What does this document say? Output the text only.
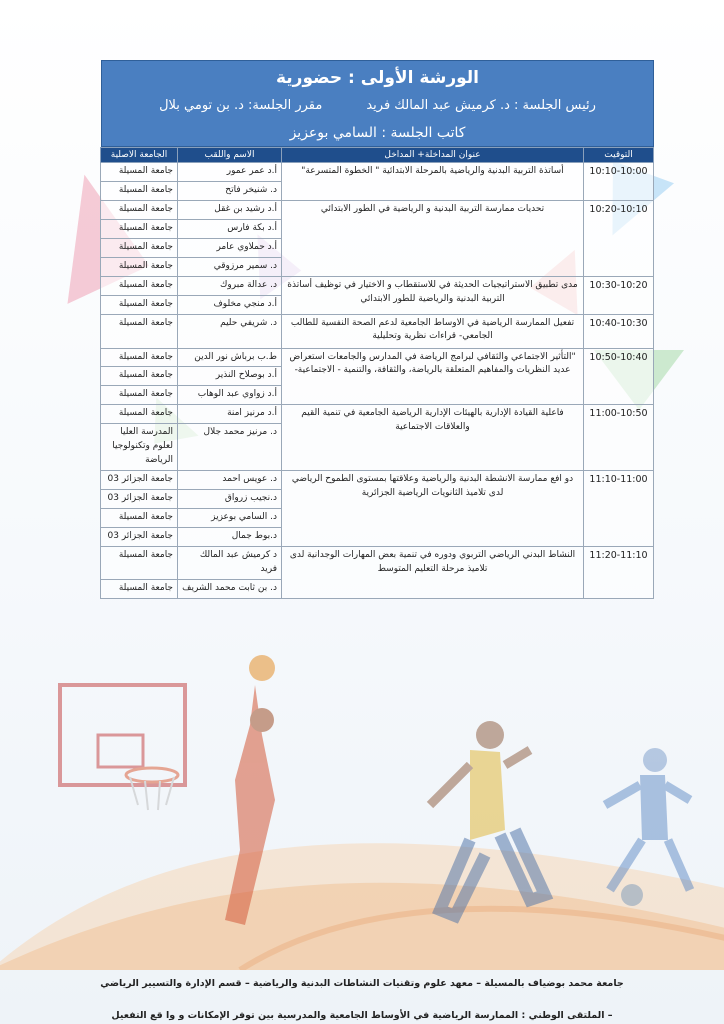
الورشة الأولى : حضورية
رئيس الجلسة : د. كرميش عبد المالك فريدمقرر الجلسة: د. بن تومي بلال
كاتب الجلسة : السامي بوعزيز
التوقيت	عنوان المداخلة+ المداخل	الاسم واللقب	الجامعة الاصلية
10:10-10:00	أساتذة التربية البدنية والرياضية بالمرحلة الابتدائية " الخطوة المتسرعة"	أ.د عمر عمور	جامعة المسيلة
		د. شنيخر فاتح	جامعة المسيلة
10:20-10:10	تحديات ممارسة التربية البدنية و الرياضية في الطور الابتدائي	أ.د رشيد بن غقل	جامعة المسيلة
		أ.د بكة فارس	جامعة المسيلة
		أ.د حملاوي عامر	جامعة المسيلة
		د. سمير مرزوقي	جامعة المسيلة
10:30-10:20	مدى تطبيق الاستراتيجيات الحديثة في للاستقطاب و الاختيار في توظيف أساتذة التربية البدنية والرياضية للطور الابتدائي	د. عدالة مبروك	جامعة المسيلة
		أ.د منجي مخلوف	جامعة المسيلة
10:40-10:30	تفعيل الممارسة الرياضية في الاوساط الجامعية لدعم الصحة النفسية للطالب الجامعي- قراءات نظرية وتحليلية	د. شريفي حليم	جامعة المسيلة
10:50-10:40	"التأثير الاجتماعي والثقافي لبرامج الرياضة في المدارس والجامعات استعراض عديد النظريات والمفاهيم المتعلقة بالرياضة، والثقافة، والتنمية - الاجتماعية-	ط.ب برباش نور الدين	جامعة المسيلة
		أ.د بوصلاح النذير	جامعة المسيلة
		أ.د زواوي عبد الوهاب	جامعة المسيلة
11:00-10:50	فاعلية القيادة الإدارية بالهيئات الإدارية الرياضية الجامعية في تنمية القيم والعلاقات الاجتماعية	أ.د مرنيز امنة	جامعة المسيلة
		د. مرنيز محمد جلال	المدرسة العليا لعلوم وتكنولوجيا الرياضة
11:10-11:00	دو افع ممارسة الانشطة البدنية والرياضية وعلاقتها بمستوى الطموح الرياضي لدى تلاميذ الثانويات الرياضية الجزائرية	د. عويس احمد	جامعة الجزائر 03
		د.نجيب زرواق	جامعة الجزائر 03
		د. السامي بوعزيز	جامعة المسيلة
		د.بوط جمال	جامعة الجزائر 03
11:20-11:10	النشاط البدني الرياضي التربوي ودوره في تنمية بعض المهارات الوجدانية لدى تلاميذ مرحلة التعليم المتوسط	د كرميش عبد المالك فريد	جامعة المسيلة
		د. بن ثابت محمد الشريف	جامعة المسيلة
جامعة محمد بوضياف بالمسيلة – معهد علوم وتقنيات النشاطات البدنية والرياضية – قسم الإدارة والتسيير الرياضي
– الملتقى الوطني : الممارسة الرياضية في الأوساط الجامعية والمدرسية بين توفر الإمكانات و وا قع التفعيل
